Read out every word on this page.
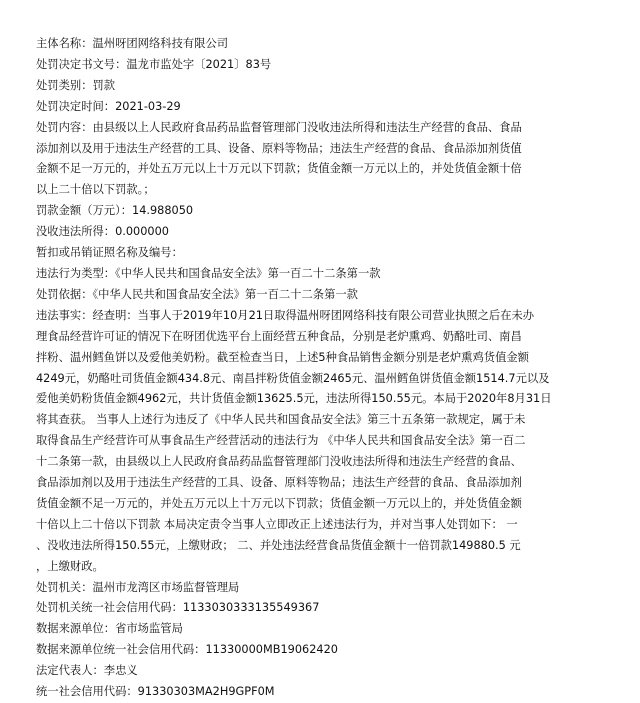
主体名称：温州呀团网络科技有限公司
处罚决定书文号：温龙市监处字〔2021〕83号
处罚类别：罚款
处罚决定时间：2021-03-29
处罚内容：由县级以上人民政府食品药品监督管理部门没收违法所得和违法生产经营的食品、食品
添加剂以及用于违法生产经营的工具、设备、原料等物品；违法生产经营的食品、食品添加剂货值
金额不足一万元的，并处五万元以上十万元以下罚款；货值金额一万元以上的，并处货值金额十倍
以上二十倍以下罚款。；
罚款金额（万元）：14.988050
没收违法所得：0.000000
暂扣或吊销证照名称及编号：
违法行为类型：《中华人民共和国食品安全法》第一百二十二条第一款
处罚依据：《中华人民共和国食品安全法》第一百二十二条第一款
违法事实：经查明：当事人于2019年10月21日取得温州呀团网络科技有限公司营业执照之后在未办
理食品经营许可证的情况下在呀团优选平台上面经营五种食品，分别是老炉熏鸡、奶酪吐司、南昌
拌粉、温州鳕鱼饼以及爱他美奶粉。截至检查当日，上述5种食品销售金额分别是老炉熏鸡货值金额
4249元，奶酪吐司货值金额434.8元、南昌拌粉货值金额2465元、温州鳕鱼饼货值金额1514.7元以及
爱他美奶粉货值金额4962元，共计货值金额13625.5元，违法所得150.55元。本局于2020年8月31日
将其查获。 当事人上述行为违反了《中华人民共和国食品安全法》第三十五条第一款规定，属于未
取得食品生产经营许可从事食品生产经营活动的违法行为 《中华人民共和国食品安全法》第一百二
十二条第一款，由县级以上人民政府食品药品监督管理部门没收违法所得和违法生产经营的食品、
食品添加剂以及用于违法生产经营的工具、设备、原料等物品；违法生产经营的食品、食品添加剂
货值金额不足一万元的，并处五万元以上十万元以下罚款；货值金额一万元以上的，并处货值金额
十倍以上二十倍以下罚款 本局决定责令当事人立即改正上述违法行为，并对当事人处罚如下： 一
、没收违法所得150.55元，上缴财政； 二、并处违法经营食品货值金额十一倍罚款149880.5 元
，上缴财政。
处罚机关：温州市龙湾区市场监督管理局
处罚机关统一社会信用代码：11330303331355493​67
数据来源单位：省市场监管局
数据来源单位统一社会信用代码：11330000MB19062420
法定代表人：李忠义
统一社会信用代码：91330303MA2H9GPF0M
